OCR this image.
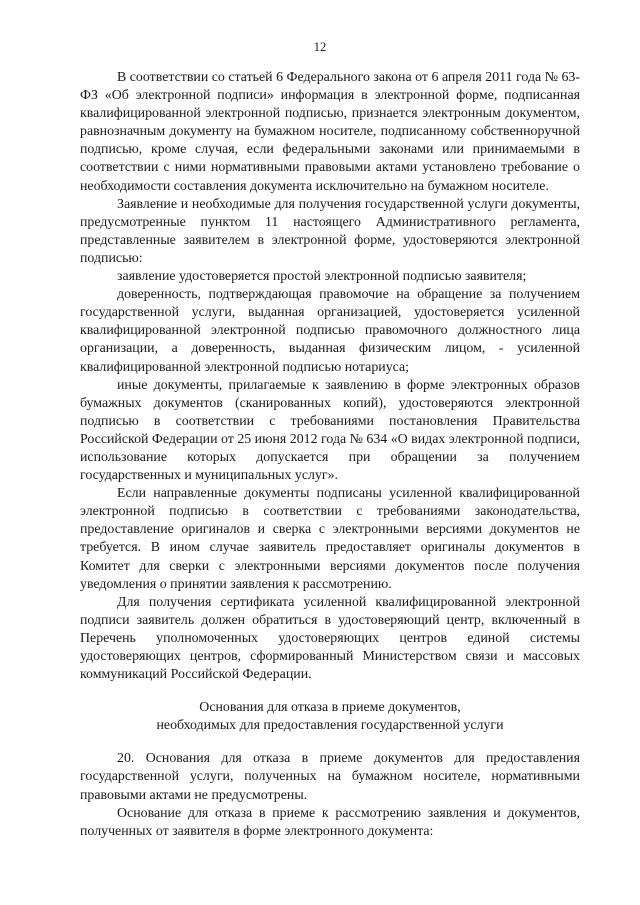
12

В соответствии со статьей 6 Федерального закона от 6 апреля 2011 года № 63-ФЗ «Об электронной подписи» информация в электронной форме, подписанная квалифицированной электронной подписью, признается электронным документом, равнозначным документу на бумажном носителе, подписанному собственноручной подписью, кроме случая, если федеральными законами или принимаемыми в соответствии с ними нормативными правовыми актами установлено требование о необходимости составления документа исключительно на бумажном носителе.

Заявление и необходимые для получения государственной услуги документы, предусмотренные пунктом 11 настоящего Административного регламента, представленные заявителем в электронной форме, удостоверяются электронной подписью:

заявление удостоверяется простой электронной подписью заявителя;

доверенность, подтверждающая правомочие на обращение за получением государственной услуги, выданная организацией, удостоверяется усиленной квалифицированной электронной подписью правомочного должностного лица организации, а доверенность, выданная физическим лицом, - усиленной квалифицированной электронной подписью нотариуса;

иные документы, прилагаемые к заявлению в форме электронных образов бумажных документов (сканированных копий), удостоверяются электронной подписью в соответствии с требованиями постановления Правительства Российской Федерации от 25 июня 2012 года № 634 «О видах электронной подписи, использование которых допускается при обращении за получением государственных и муниципальных услуг».

Если направленные документы подписаны усиленной квалифицированной электронной подписью в соответствии с требованиями законодательства, предоставление оригиналов и сверка с электронными версиями документов не требуется. В ином случае заявитель предоставляет оригиналы документов в Комитет для сверки с электронными версиями документов после получения уведомления о принятии заявления к рассмотрению.

Для получения сертификата усиленной квалифицированной электронной подписи заявитель должен обратиться в удостоверяющий центр, включенный в Перечень уполномоченных удостоверяющих центров единой системы удостоверяющих центров, сформированный Министерством связи и массовых коммуникаций Российской Федерации.

Основания для отказа в приеме документов,
необходимых для предоставления государственной услуги

20. Основания для отказа в приеме документов для предоставления государственной услуги, полученных на бумажном носителе, нормативными правовыми актами не предусмотрены.

Основание для отказа в приеме к рассмотрению заявления и документов, полученных от заявителя в форме электронного документа:
